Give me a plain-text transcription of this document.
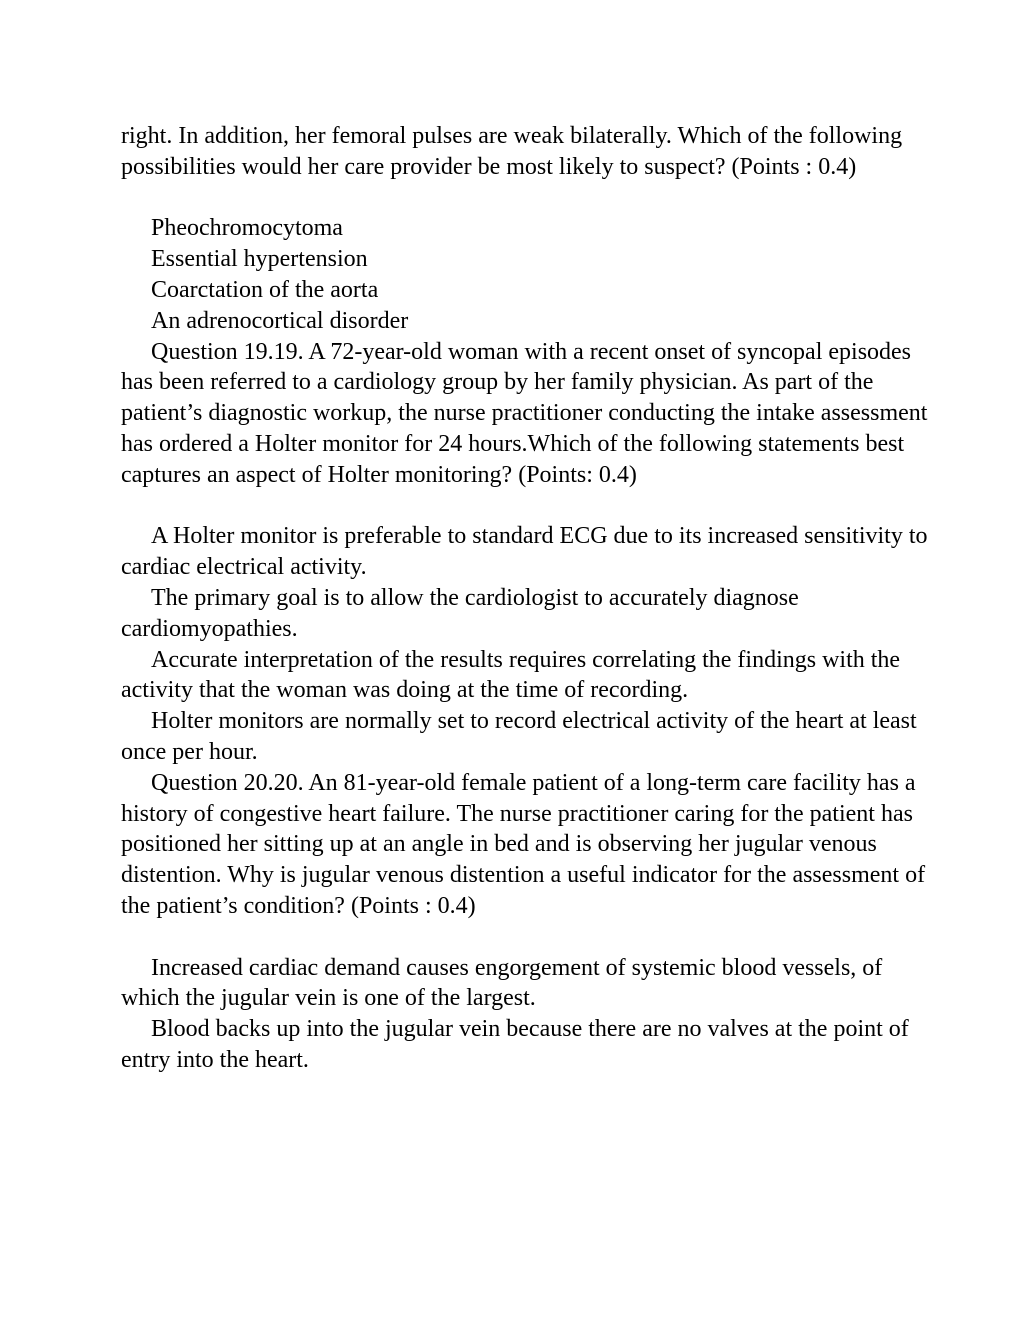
right. In addition, her femoral pulses are weak bilaterally. Which of the following possibilities would her care provider be most likely to suspect? (Points : 0.4)

Pheochromocytoma

Essential hypertension

Coarctation of the aorta

An adrenocortical disorder

Question 19.19. A 72-year-old woman with a recent onset of syncopal episodes has been referred to a cardiology group by her family physician. As part of the patient’s diagnostic workup, the nurse practitioner conducting the intake assessment has ordered a Holter monitor for 24 hours.Which of the following statements best captures an aspect of Holter monitoring? (Points: 0.4)

A Holter monitor is preferable to standard ECG due to its increased sensitivity to cardiac electrical activity.

The primary goal is to allow the cardiologist to accurately diagnose cardiomyopathies.

Accurate interpretation of the results requires correlating the findings with the activity that the woman was doing at the time of recording.

Holter monitors are normally set to record electrical activity of the heart at least once per hour.

Question 20.20. An 81-year-old female patient of a long-term care facility has a history of congestive heart failure. The nurse practitioner caring for the patient has positioned her sitting up at an angle in bed and is observing her jugular venous distention. Why is jugular venous distention a useful indicator for the assessment of the patient’s condition? (Points : 0.4)

Increased cardiac demand causes engorgement of systemic blood vessels, of which the jugular vein is one of the largest.

Blood backs up into the jugular vein because there are no valves at the point of entry into the heart.
